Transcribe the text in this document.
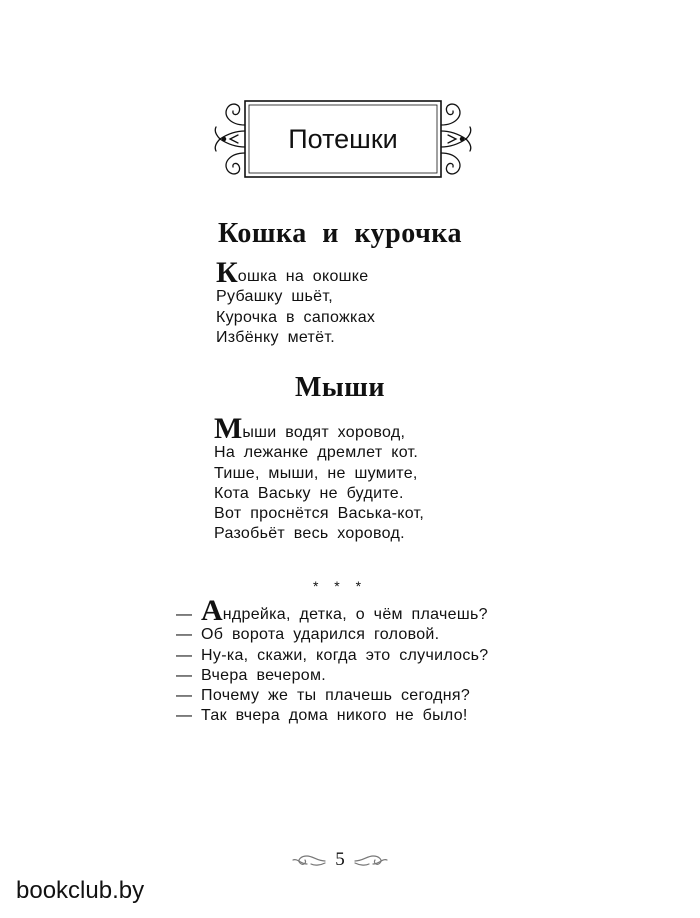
Потешки
Кошка и курочка
Кошка на окошке
Рубашку шьёт,
Курочка в сапожках
Избёнку метёт.
Мыши
Мыши водят хоровод,
На лежанке дремлет кот.
Тише, мыши, не шумите,
Кота Ваську не будите.
Вот проснётся Васька-кот,
Разобьёт весь хоровод.
* * *
— Андрейка, детка, о чём плачешь?
— Об ворота ударился головой.
— Ну-ка, скажи, когда это случилось?
— Вчера вечером.
— Почему же ты плачешь сегодня?
— Так вчера дома никого не было!
5
bookclub.by
